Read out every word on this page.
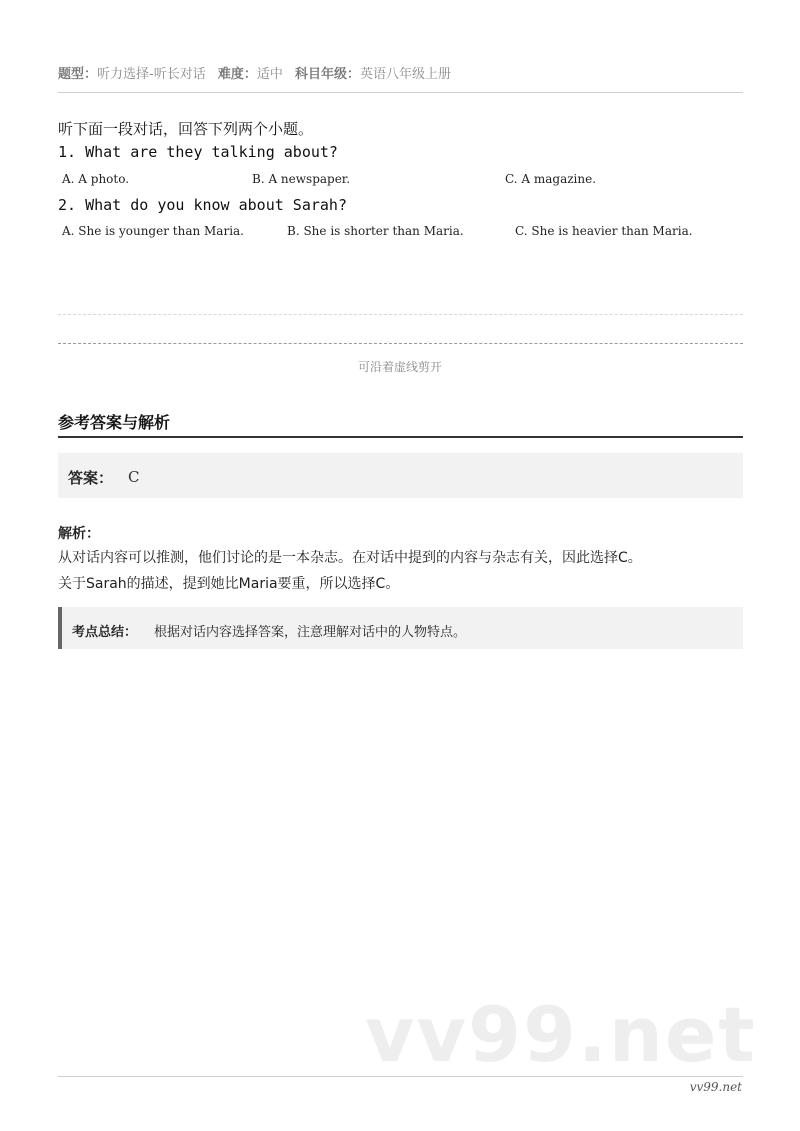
题型：听力选择-听长对话 难度：适中 科目年级：英语八年级上册
听下面一段对话，回答下列两个小题。
1. What are they talking about?
A. A photo.	B. A newspaper.	C. A magazine.
2. What do you know about Sarah?
A. She is younger than Maria.	B. She is shorter than Maria.	C. She is heavier than Maria.
可沿着虚线剪开
参考答案与解析
答案： C
解析：
从对话内容可以推测，他们讨论的是一本杂志。在对话中提到的内容与杂志有关，因此选择C。
关于Sarah的描述，提到她比Maria要重，所以选择C。
考点总结： 根据对话内容选择答案，注意理解对话中的人物特点。
vv99.net
vv99.net
